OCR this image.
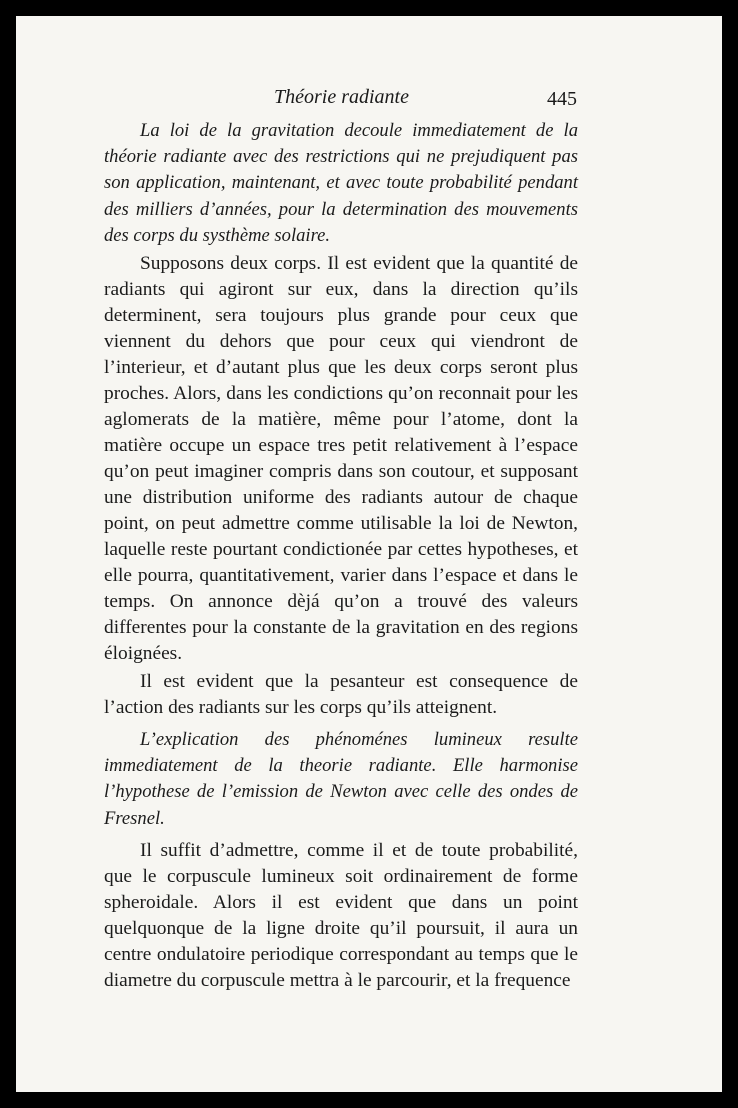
Théorie radiante	445

La loi de la gravitation decoule immediatement de la théorie radiante avec des restrictions qui ne prejudiquent pas son application, maintenant, et avec toute probabilité pendant des milliers d’années, pour la determination des mouvements des corps du systhème solaire.

Supposons deux corps. Il est evident que la quantité de radiants qui agiront sur eux, dans la direction qu’ils determinent, sera toujours plus grande pour ceux que viennent du dehors que pour ceux qui viendront de l’interieur, et d’autant plus que les deux corps seront plus proches. Alors, dans les condictions qu’on reconnait pour les aglomerats de la matière, même pour l’atome, dont la matière occupe un espace tres petit relativement à l’espace qu’on peut imaginer compris dans son coutour, et supposant une distribution uniforme des radiants autour de chaque point, on peut admettre comme utilisable la loi de Newton, laquelle reste pourtant condictionée par cettes hypotheses, et elle pourra, quantitativement, varier dans l’espace et dans le temps. On annonce dèjá qu’on a trouvé des valeurs differentes pour la constante de la gravitation en des regions éloignées.

Il est evident que la pesanteur est consequence de l’action des radiants sur les corps qu’ils atteignent.

L’explication des phénoménes lumineux resulte immediatement de la theorie radiante. Elle harmonise l’hypothese de l’emission de Newton avec celle des ondes de Fresnel.

Il suffit d’admettre, comme il et de toute probabilité, que le corpuscule lumineux soit ordinairement de forme spheroidale. Alors il est evident que dans un point quelquonque de la ligne droite qu’il poursuit, il aura un centre ondulatoire periodique correspondant au temps que le diametre du corpuscule mettra à le parcourir, et la frequence
